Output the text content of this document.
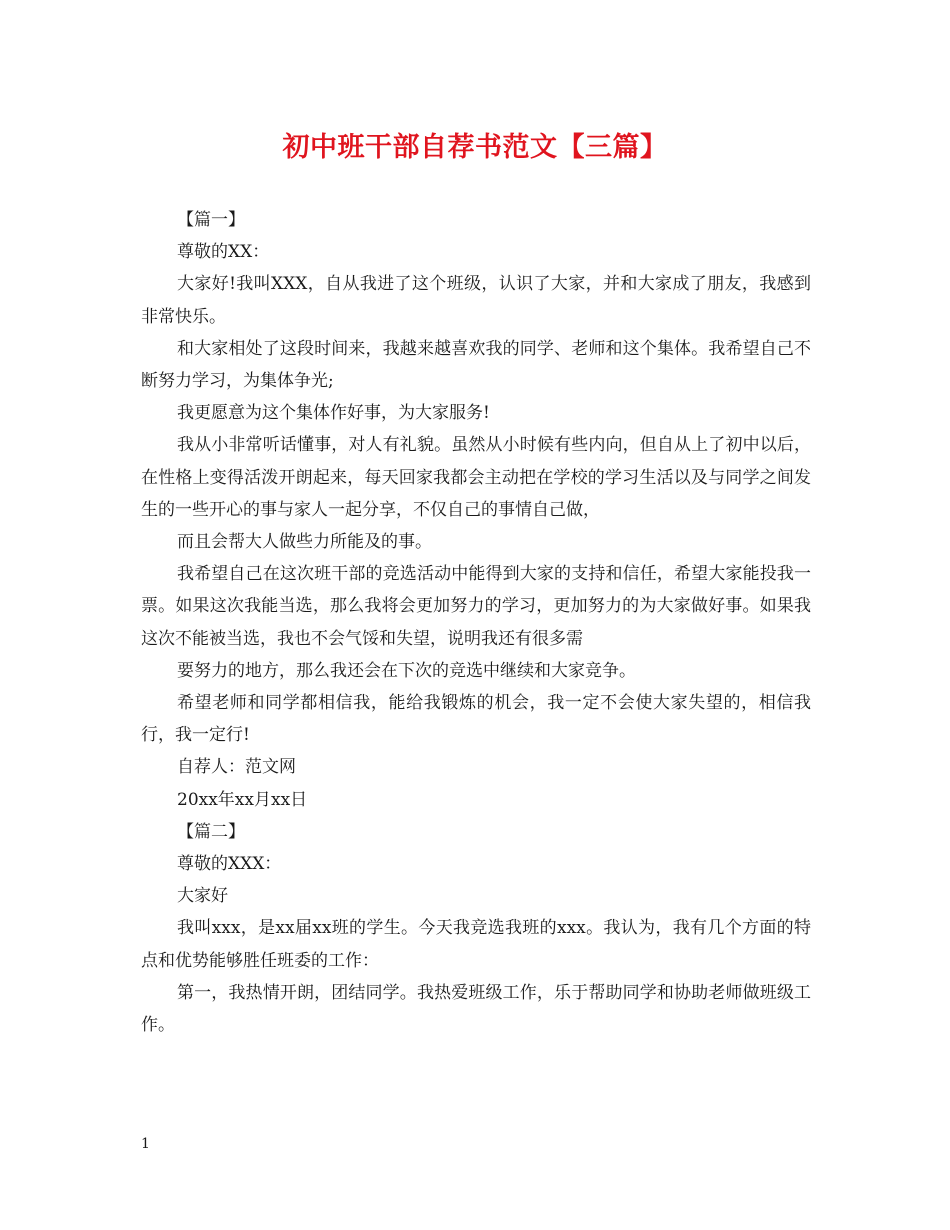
初中班干部自荐书范文【三篇】

【篇一】

尊敬的XX：

大家好!我叫XXX，自从我进了这个班级，认识了大家，并和大家成了朋友，我感到非常快乐。

和大家相处了这段时间来，我越来越喜欢我的同学、老师和这个集体。我希望自己不断努力学习，为集体争光;

我更愿意为这个集体作好事，为大家服务!

我从小非常听话懂事，对人有礼貌。虽然从小时候有些内向，但自从上了初中以后，在性格上变得活泼开朗起来，每天回家我都会主动把在学校的学习生活以及与同学之间发生的一些开心的事与家人一起分享，不仅自己的事情自己做，

而且会帮大人做些力所能及的事。

我希望自己在这次班干部的竞选活动中能得到大家的支持和信任，希望大家能投我一票。如果这次我能当选，那么我将会更加努力的学习，更加努力的为大家做好事。如果我这次不能被当选，我也不会气馁和失望，说明我还有很多需

要努力的地方，那么我还会在下次的竞选中继续和大家竞争。

希望老师和同学都相信我，能给我锻炼的机会，我一定不会使大家失望的，相信我行，我一定行!

自荐人：范文网

20xx年xx月xx日

【篇二】

尊敬的XXX：

大家好

我叫xxx，是xx届xx班的学生。今天我竞选我班的xxx。我认为，我有几个方面的特点和优势能够胜任班委的工作：

第一，我热情开朗，团结同学。我热爱班级工作，乐于帮助同学和协助老师做班级工作。

1
